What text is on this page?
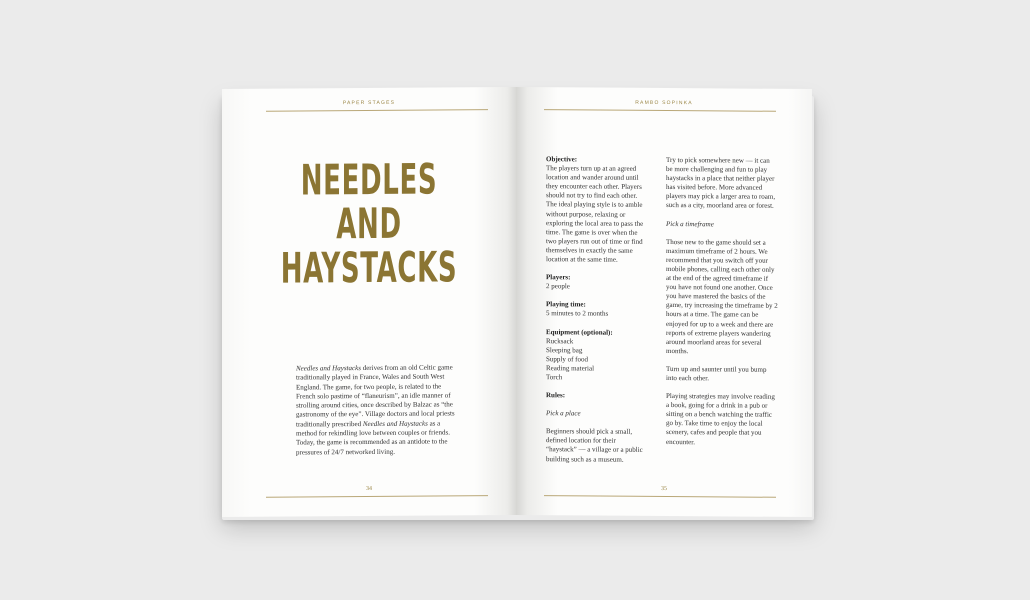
PAPER STAGES
NEEDLES
AND
HAYSTACKS
Needles and Haystacks derives from an old Celtic game traditionally played in France, Wales and South West England. The game, for two people, is related to the French solo pastime of “flaneurism”, an idle manner of strolling around cities, once described by Balzac as “the gastronomy of the eye”. Village doctors and local priests traditionally prescribed Needles and Haystacks as a method for rekindling love between couples or friends. Today, the game is recommended as an antidote to the pressures of 24/7 networked living.
34
RAMBO SOPINKA

Objective:
The players turn up at an agreed location and wander around until they encounter each other. Players should not try to find each other. The ideal playing style is to amble without purpose, relaxing or exploring the local area to pass the time. The game is over when the two players run out of time or find themselves in exactly the same location at the same time.

Players:
2 people

Playing time:
5 minutes to 2 months

Equipment (optional):
Rucksack
Sleeping bag
Supply of food
Reading material
Torch

Rules:

Pick a place

Beginners should pick a small, defined location for their “haystack” — a village or a public building such as a museum.

Try to pick somewhere new — it can be more challenging and fun to play haystacks in a place that neither player has visited before. More advanced players may pick a larger area to roam, such as a city, moorland area or forest.

Pick a timeframe

Those new to the game should set a maximum timeframe of 2 hours. We recommend that you switch off your mobile phones, calling each other only at the end of the agreed timeframe if you have not found one another. Once you have mastered the basics of the game, try increasing the timeframe by 2 hours at a time. The game can be enjoyed for up to a week and there are reports of extreme players wandering around moorland areas for several months.

Turn up and saunter until you bump into each other.

Playing strategies may involve reading a book, going for a drink in a pub or sitting on a bench watching the traffic go by. Take time to enjoy the local scenery, cafes and people that you encounter.

35
